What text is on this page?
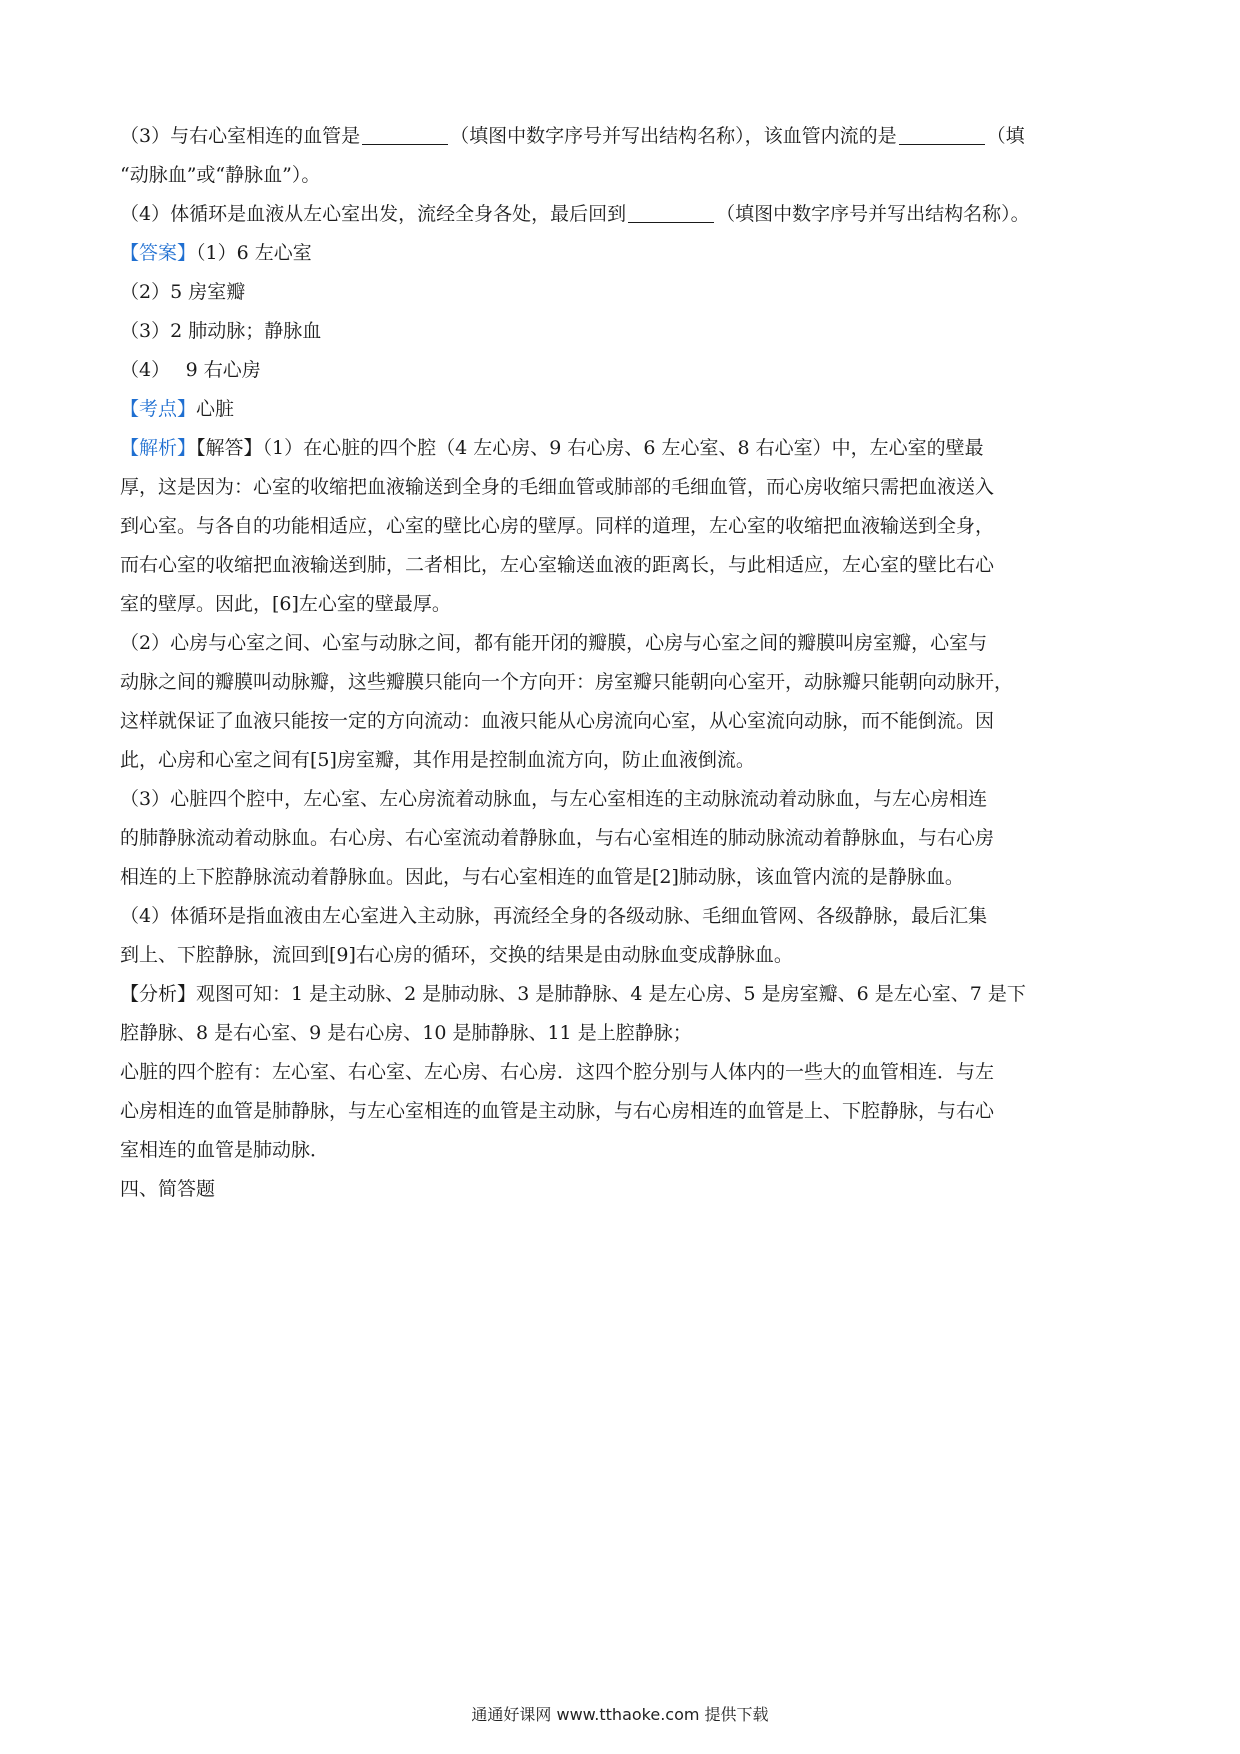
（3）与右心室相连的血管是	（填图中数字序号并写出结构名称），该血管内流的是	（填
“动脉血”或“静脉血”）。
（4）体循环是血液从左心室出发，流经全身各处，最后回到	（填图中数字序号并写出结构名称）。
【答案】（1）6 左心室
（2）5 房室瓣
（3）2 肺动脉；静脉血
（4）　 9 右心房
【考点】心脏
【解析】【解答】（1）在心脏的四个腔（4 左心房、9 右心房、6 左心室、8 右心室）中，左心室的壁最
厚，这是因为：心室的收缩把血液输送到全身的毛细血管或肺部的毛细血管，而心房收缩只需把血液送入
到心室。与各自的功能相适应，心室的壁比心房的壁厚。同样的道理，左心室的收缩把血液输送到全身，
而右心室的收缩把血液输送到肺，二者相比，左心室输送血液的距离长，与此相适应，左心室的壁比右心
室的壁厚。因此，[6]左心室的壁最厚。
（2）心房与心室之间、心室与动脉之间，都有能开闭的瓣膜，心房与心室之间的瓣膜叫房室瓣，心室与
动脉之间的瓣膜叫动脉瓣，这些瓣膜只能向一个方向开：房室瓣只能朝向心室开，动脉瓣只能朝向动脉开，
这样就保证了血液只能按一定的方向流动：血液只能从心房流向心室，从心室流向动脉，而不能倒流。因
此，心房和心室之间有[5]房室瓣，其作用是控制血流方向，防止血液倒流。
（3）心脏四个腔中，左心室、左心房流着动脉血，与左心室相连的主动脉流动着动脉血，与左心房相连
的肺静脉流动着动脉血。右心房、右心室流动着静脉血，与右心室相连的肺动脉流动着静脉血，与右心房
相连的上下腔静脉流动着静脉血。因此，与右心室相连的血管是[2]肺动脉，该血管内流的是静脉血。
（4）体循环是指血液由左心室进入主动脉，再流经全身的各级动脉、毛细血管网、各级静脉，最后汇集
到上、下腔静脉，流回到[9]右心房的循环，交换的结果是由动脉血变成静脉血。
【分析】观图可知：1 是主动脉、2 是肺动脉、3 是肺静脉、4 是左心房、5 是房室瓣、6 是左心室、7 是下
腔静脉、8 是右心室、9 是右心房、10 是肺静脉、11 是上腔静脉；
心脏的四个腔有：左心室、右心室、左心房、右心房．这四个腔分别与人体内的一些大的血管相连．与左
心房相连的血管是肺静脉，与左心室相连的血管是主动脉，与右心房相连的血管是上、下腔静脉，与右心
室相连的血管是肺动脉．
四、简答题
通通好课网 www.tthaoke.com 提供下载
